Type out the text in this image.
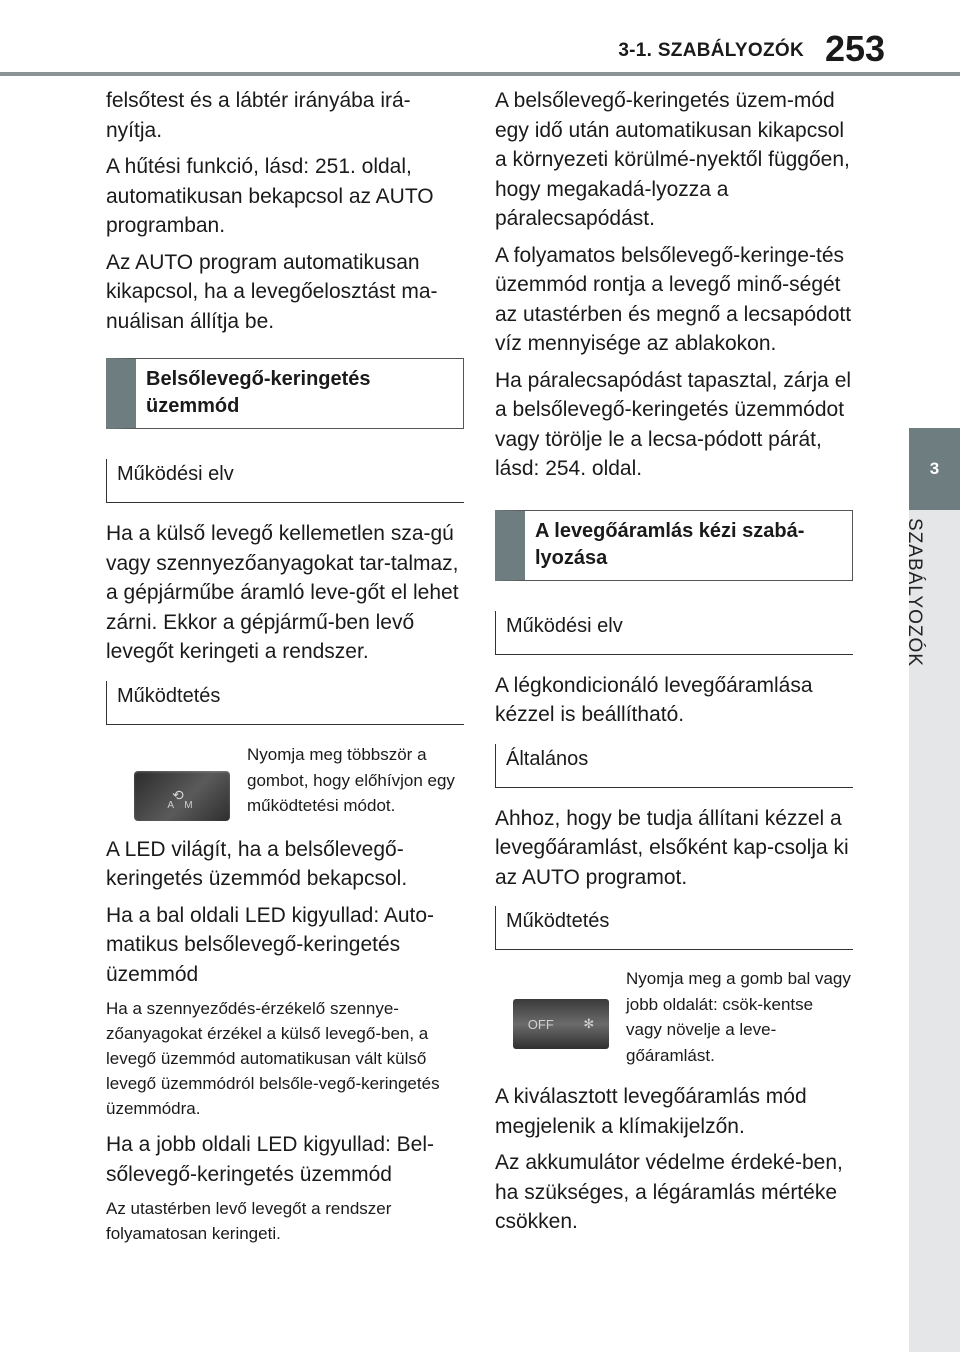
3-1. SZABÁLYOZÓK 253
3
SZABÁLYOZÓK

felsőtest és a lábtér irányába irá-nyítja.

A hűtési funkció, lásd: 251. oldal, automatikusan bekapcsol az AUTO programban.

Az AUTO program automatikusan kikapcsol, ha a levegőelosztást ma-nuálisan állítja be.

Belsőlevegő-keringetés üzemmód
Működési elv

Ha a külső levegő kellemetlen sza-gú vagy szennyezőanyagokat tar-talmaz, a gépjárműbe áramló leve-gőt el lehet zárni. Ekkor a gépjármű-ben levő levegőt keringeti a rendszer.

Működtetés
⟲
A M
Nyomja meg többször a gombot, hogy előhívjon egy működtetési módot.

A LED világít, ha a belsőlevegő-keringetés üzemmód bekapcsol.

Ha a bal oldali LED kigyullad: Auto-matikus belsőlevegő-keringetés üzemmód

Ha a szennyeződés-érzékelő szennye-zőanyagokat érzékel a külső levegő-ben, a levegő üzemmód automatikusan vált külső levegő üzemmódról belsőle-vegő-keringetés üzemmódra.

Ha a jobb oldali LED kigyullad: Bel-sőlevegő-keringetés üzemmód

Az utastérben levő levegőt a rendszer folyamatosan keringeti.

A belsőlevegő-keringetés üzem-mód egy idő után automatikusan kikapcsol a környezeti körülmé-nyektől függően, hogy megakadá-lyozza a páralecsapódást.

A folyamatos belsőlevegő-keringe-tés üzemmód rontja a levegő minő-ségét az utastérben és megnő a lecsapódott víz mennyisége az ablakokon.

Ha páralecsapódást tapasztal, zárja el a belsőlevegő-keringetés üzemmódot vagy törölje le a lecsa-pódott párát, lásd: 254. oldal.

A levegőáramlás kézi szabá-lyozása
Működési elv

A légkondicionáló levegőáramlása kézzel is beállítható.

Általános

Ahhoz, hogy be tudja állítani kézzel a levegőáramlást, elsőként kap-csolja ki az AUTO programot.

Működtetés
OFF ✻
Nyomja meg a gomb bal vagy jobb oldalát: csök-kentse vagy növelje a leve-gőáramlást.

A kiválasztott levegőáramlás mód megjelenik a klímakijelzőn.

Az akkumulátor védelme érdeké-ben, ha szükséges, a légáramlás mértéke csökken.
